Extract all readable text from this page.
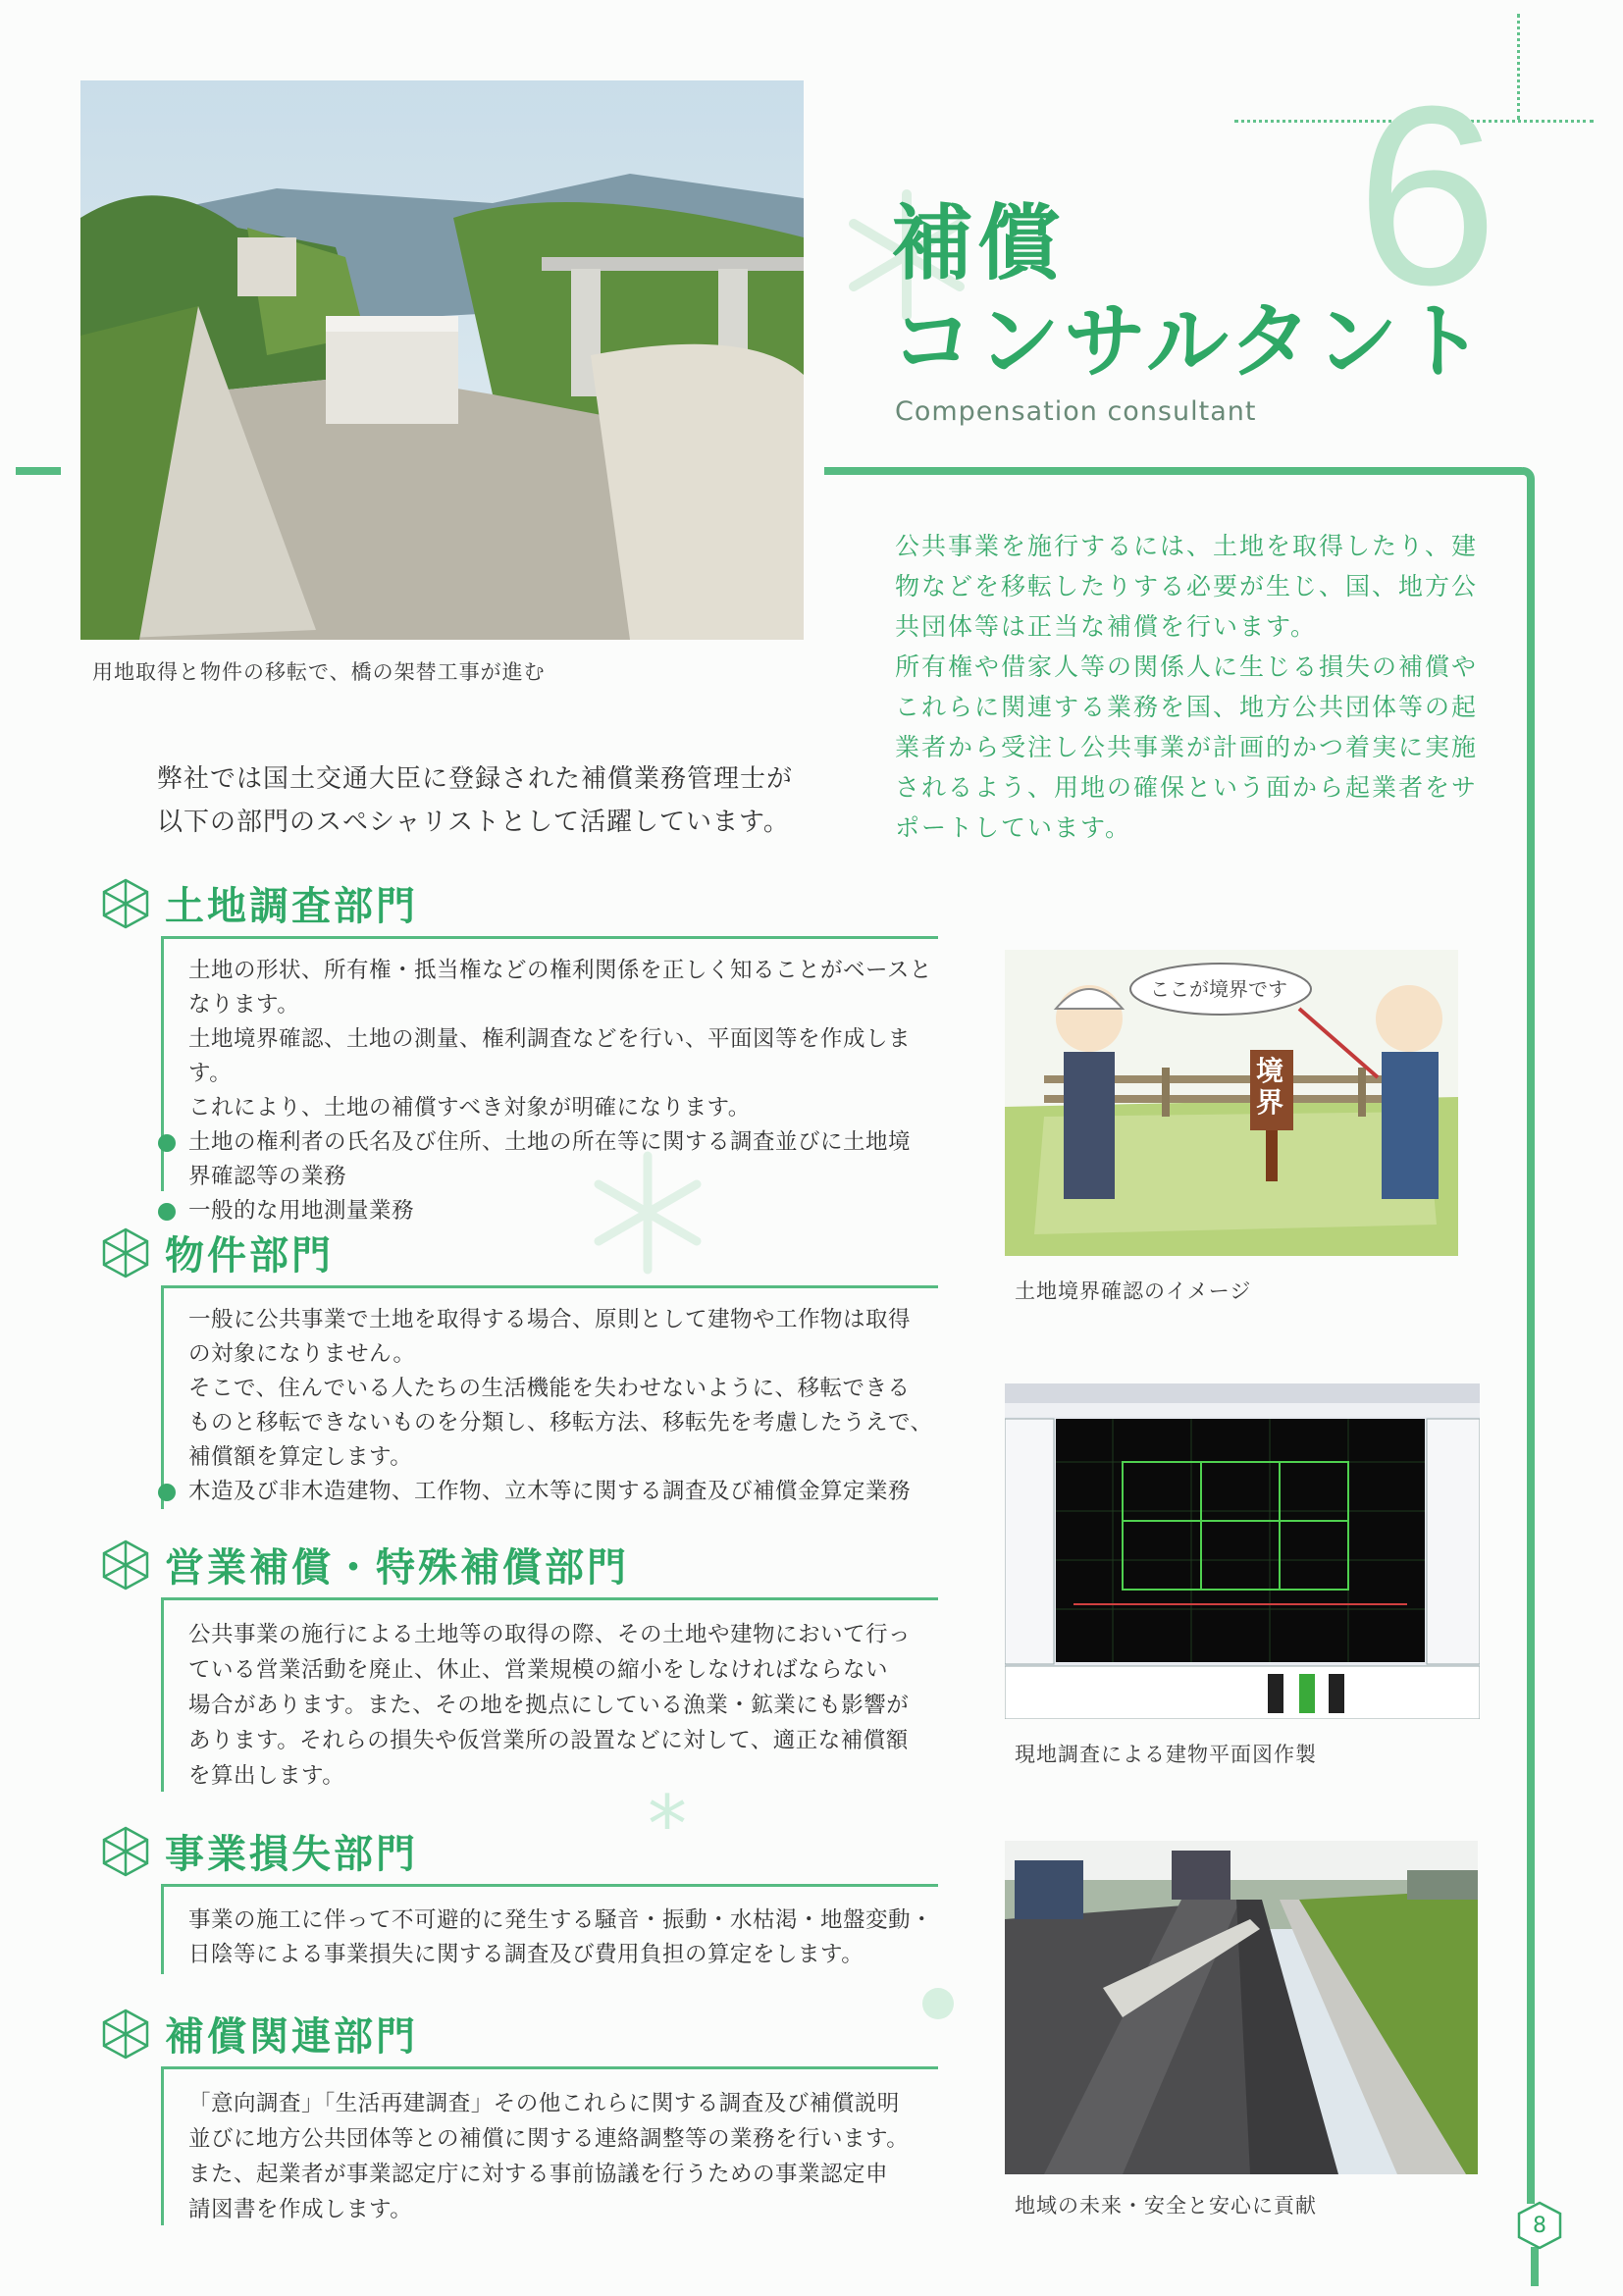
用地取得と物件の移転で、橋の架替工事が進む
6
補償
コンサルタント
Compensation consultant
公共事業を施行するには、土地を取得したり、建
物などを移転したりする必要が生じ、国、地方公
共団体等は正当な補償を行います。
所有権や借家人等の関係人に生じる損失の補償や
これらに関連する業務を国、地方公共団体等の起
業者から受注し公共事業が計画的かつ着実に実施
されるよう、用地の確保という面から起業者をサ
ポートしています。
弊社では国土交通大臣に登録された補償業務管理士が
以下の部門のスペシャリストとして活躍しています。
土地調査部門

土地の形状、所有権・抵当権などの権利関係を正しく知ることがベースと

なります。

土地境界確認、土地の測量、権利調査などを行い、平面図等を作成します。

これにより、土地の補償すべき対象が明確になります。

土地の権利者の氏名及び住所、土地の所在等に関する調査並びに土地境

界確認等の業務

一般的な用地測量業務

物件部門

一般に公共事業で土地を取得する場合、原則として建物や工作物は取得

の対象になりません。

そこで、住んでいる人たちの生活機能を失わせないように、移転できる

ものと移転できないものを分類し、移転方法、移転先を考慮したうえで、

補償額を算定します。

木造及び非木造建物、工作物、立木等に関する調査及び補償金算定業務

営業補償・特殊補償部門

公共事業の施行による土地等の取得の際、その土地や建物において行っ

ている営業活動を廃止、休止、営業規模の縮小をしなければならない

場合があります。また、その地を拠点にしている漁業・鉱業にも影響が

あります。それらの損失や仮営業所の設置などに対して、適正な補償額

を算出します。

*
事業損失部門

事業の施工に伴って不可避的に発生する騒音・振動・水枯渇・地盤変動・

日陰等による事業損失に関する調査及び費用負担の算定をします。

補償関連部門

「意向調査」「生活再建調査」その他これらに関する調査及び補償説明

並びに地方公共団体等との補償に関する連絡調整等の業務を行います。

また、起業者が事業認定庁に対する事前協議を行うための事業認定申

請図書を作成します。

ここが境界です
境界
土地境界確認のイメージ
現地調査による建物平面図作製
地域の未来・安全と安心に貢献
8
